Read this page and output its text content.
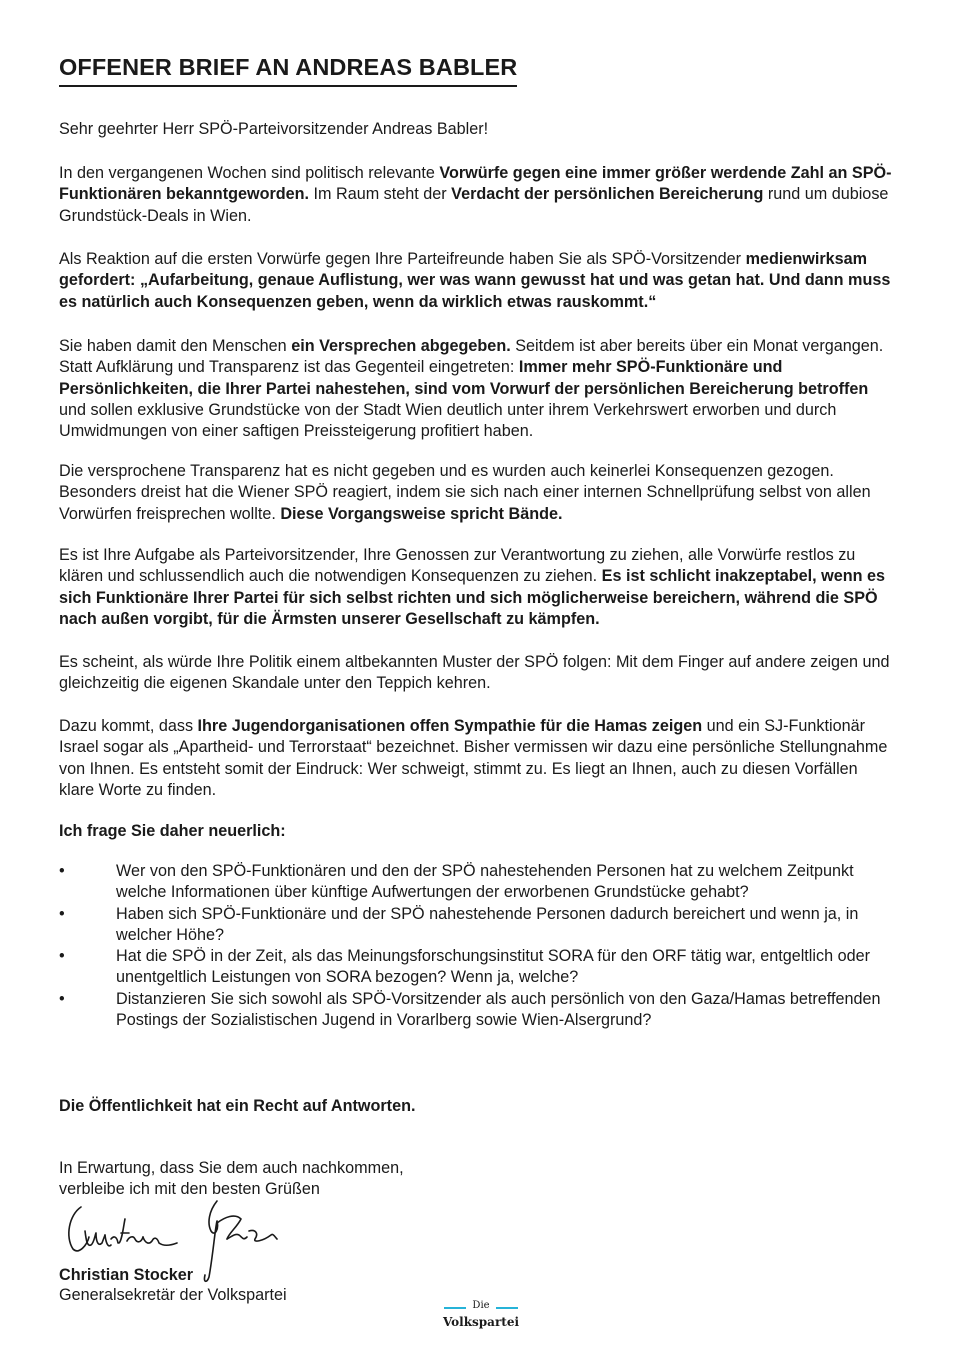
OFFENER BRIEF AN ANDREAS BABLER
Sehr geehrter Herr SPÖ-Parteivorsitzender Andreas Babler!
In den vergangenen Wochen sind politisch relevante Vorwürfe gegen eine immer größer werdende Zahl an SPÖ-Funktionären bekanntgeworden. Im Raum steht der Verdacht der persönlichen Bereicherung rund um dubiose Grundstück-Deals in Wien.
Als Reaktion auf die ersten Vorwürfe gegen Ihre Parteifreunde haben Sie als SPÖ-Vorsitzender medienwirksam gefordert: „Aufarbeitung, genaue Auflistung, wer was wann gewusst hat und was getan hat. Und dann muss es natürlich auch Konsequenzen geben, wenn da wirklich etwas rauskommt.“
Sie haben damit den Menschen ein Versprechen abgegeben. Seitdem ist aber bereits über ein Monat vergangen. Statt Aufklärung und Transparenz ist das Gegenteil eingetreten: Immer mehr SPÖ-Funktionäre und Persönlichkeiten, die Ihrer Partei nahestehen, sind vom Vorwurf der persönlichen Bereicherung betroffen und sollen exklusive Grundstücke von der Stadt Wien deutlich unter ihrem Verkehrswert erworben und durch Umwidmungen von einer saftigen Preissteigerung profitiert haben.
Die versprochene Transparenz hat es nicht gegeben und es wurden auch keinerlei Konsequenzen gezogen. Besonders dreist hat die Wiener SPÖ reagiert, indem sie sich nach einer internen Schnellprüfung selbst von allen Vorwürfen freisprechen wollte. Diese Vorgangsweise spricht Bände.
Es ist Ihre Aufgabe als Parteivorsitzender, Ihre Genossen zur Verantwortung zu ziehen, alle Vorwürfe restlos zu klären und schlussendlich auch die notwendigen Konsequenzen zu ziehen. Es ist schlicht inakzeptabel, wenn es sich Funktionäre Ihrer Partei für sich selbst richten und sich möglicherweise bereichern, während die SPÖ nach außen vorgibt, für die Ärmsten unserer Gesellschaft zu kämpfen.
Es scheint, als würde Ihre Politik einem altbekannten Muster der SPÖ folgen: Mit dem Finger auf andere zeigen und gleichzeitig die eigenen Skandale unter den Teppich kehren.
Dazu kommt, dass Ihre Jugendorganisationen offen Sympathie für die Hamas zeigen und ein SJ-Funktionär Israel sogar als „Apartheid- und Terrorstaat“ bezeichnet. Bisher vermissen wir dazu eine persönliche Stellungnahme von Ihnen. Es entsteht somit der Eindruck: Wer schweigt, stimmt zu. Es liegt an Ihnen, auch zu diesen Vorfällen klare Worte zu finden.
Ich frage Sie daher neuerlich:
•	Wer von den SPÖ-Funktionären und den der SPÖ nahestehenden Personen hat zu welchem Zeitpunkt welche Informationen über künftige Aufwertungen der erworbenen Grundstücke gehabt?
•	Haben sich SPÖ-Funktionäre und der SPÖ nahestehende Personen dadurch bereichert und wenn ja, in welcher Höhe?
•	Hat die SPÖ in der Zeit, als das Meinungsforschungsinstitut SORA für den ORF tätig war, entgeltlich oder unentgeltlich Leistungen von SORA bezogen? Wenn ja, welche?
•	Distanzieren Sie sich sowohl als SPÖ-Vorsitzender als auch persönlich von den Gaza/Hamas betreffenden Postings der Sozialistischen Jugend in Vorarlberg sowie Wien-Alsergrund?
Die Öffentlichkeit hat ein Recht auf Antworten.
In Erwartung, dass Sie dem auch nachkommen,
verbleibe ich mit den besten Grüßen
Christian Stocker
Generalsekretär der Volkspartei
Die
Volkspartei
